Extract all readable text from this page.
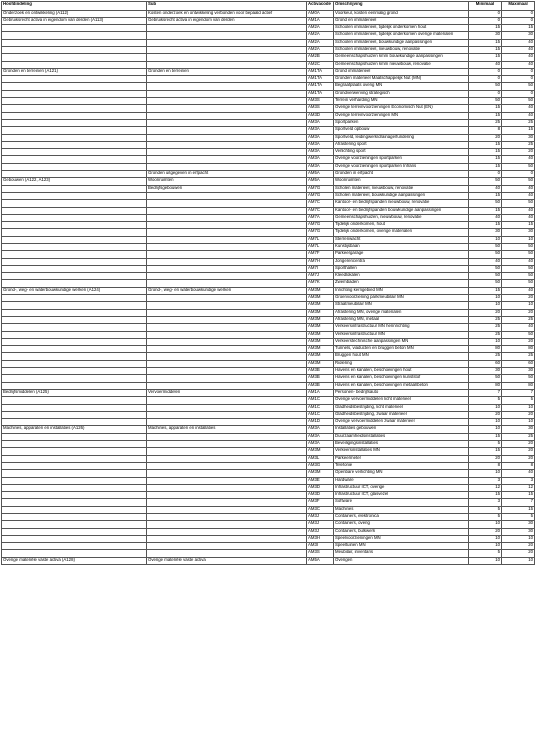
Hoofdindeling	Sub	Activacode	Omschrijving	Minimaal	Maximaal
Onderzoek en ontwikkeling (A112)	Kosten onderzoek en ontwikkeling verbonden voor bepaald actief	AM0A	Voorkeur, kosten eenmalig grond	0	0
Gebruiksrecht activa in eigendom van derden (A113)	Gebruiksrecht activa in eigendom van derden	AM1A	Grond en immaterieel	0	0
		AM2A	Schoolen immaterieel, tijdelijk onderkomen hout	15	15
		AM2A	Schoolen immaterieel, tijdelijk onderkomen overige materialen	30	30
		AM2A	Schoolen immaterieel, bouwkundige aanpassingen	15	40
		AM2A	Schoolen immaterieel, nieuwbouw, renovatie	15	40
		AM2B	Gemeenschapshuizen kmm bouwkundige aanpassingen	15	40
		AM2C	Gemeenschapshuizen kmm nieuwbouw, renovatie	40	40
Gronden en terreinen (A121)	Gronden en terreinen	AM1TA	Grond immaterieel	0	0
		AM1TA	Gronden materieel Maatschappelijk Nut (MN)	0	0
		AM1TA	Begraafplaats overig MN	50	50
		AM1TA	Grondverwerving strategisch	0	0
		AM3S	Terrein verharding MN	50	50
		AM3S	Overige terreinvoorzieningen Economisch Nut (EN)	15	40
		AM3D	Overige terreinvoorzieningen MN	15	40
		AM3A	Sportparken	25	25
		AM3A	Sportveld opbouw	8	15
		AM3A	Sportveld, leidingwerk/drainage/fundering	20	30
		AM3A	Afrastering sport	15	25
		AM3A	Verlichting sport	15	20
		AM3A	Overige voorzieningen sportparken	15	40
		AM3A	Overige voorzieningen sportparken Infrans	15	50
	Gronden uitgegeven in erfpacht	AM5A	Gronden in erfpacht	0	0
Gebouwen (A122, A123)	Woonruimten	AM5A	Woonruimten	50	50
	Bedrijfsgebouwen	AM7G	Scholen materieel, nieuwbouw, renovatie	40	40
		AM7G	Scholen materieel, bouwkundige aanpassingen	15	40
		AM7C	Kantoor- en bedrijfspanden nieuwbouw, renovatie	50	50
		AM7C	Kantoor- en bedrijfspanden bouwkundige aanpassingen	15	40
		AM7A	Gemeenschapshuizen, nieuwbouw, renovatie	40	40
		AM7G	Tijdelijk onderkomen, hout	15	15
		AM7G	Tijdelijk onderkomen, overige materialen	30	30
		AM7L	Sterrenwacht	10	10
		AM7L	Kunstijsbaan	50	50
		AM7F	Parkeergarage	50	50
		AM7H	Jongerencentra	40	40
		AM7I	Sporthallen	50	50
		AM7J	Kleedlokalen	50	50
		AM7K	Zwembaden	50	50
Grond-, weg- en waterbouwkundige werken (A124)	Grond-, weg- en waterbouwkundige werken	AM3M	Inrichting kerngebied MN	15	40
		AM3M	Groenvoorziening parkmeubilair MN	10	20
		AM3M	Straatmeubilair MN	10	10
		AM3M	Afrastering MN, overige materialen	20	20
		AM3M	Afrastering MN, metaal	25	25
		AM3M	Verkeersinfrastructuur MN herinrichting	25	40
		AM3M	Verkeersinfrastructuur MN	25	50
		AM3M	Verkeerstechnische aanpassingen MN	10	20
		AM3M	Tunnels, viaducten en bruggen beton MN	80	80
		AM3M	Bruggen hout MN	25	25
		AM3M	Riolering	60	60
		AM3B	Havens en kanalen, beschoeiingen hout	30	30
		AM3B	Havens en kanalen, beschoeiingen kunststof	50	50
		AM3B	Havens en kanalen, beschoeiingen metaal/beton	80	80
Bedrijfsmiddelen (A125)	Vervoermiddelen	AM1A	Personen- bedrijfsauto	7	7
		AM1C	Overige vervoermiddelen licht materieel	5	5
		AM1C	Gladheidsbestrijding, licht materieel	10	10
		AM1C	Gladheidsbestrijding, zwaar materieel	20	20
		AM1D	Overige vervoermiddelen zwaar materieel	10	10
Machines, apparaten en installaties (A126)	Machines, apparaten en installaties	AM3A	Installaties gebouwen	10	30
		AM3A	Duurzaamheidsinstallaties	15	25
		AM3A	Beveiligingsinstallaties	5	20
		AM3M	Verkeersinstallaties MN	15	20
		AM3L	Parkeermeter	20	20
		AM3G	Telefonie	8	8
		AM3M	Openbare verlichting MN	10	40
		AM3E	Hardware	3	3
		AM3D	Infrastructuur ICT, overige	12	12
		AM3D	Infrastructuur ICT, glasvezel	15	15
		AM3F	Software	3	7
		AM3C	Machines	5	15
		AM3J	Containers, elektronica	5	5
		AM3J	Containers, overig	10	30
		AM3J	Containers, bulkwerk	20	30
		AM3H	Speelvoorzieningen MN	10	10
		AM3I	Speeltuinen MN	10	20
		AM3S	Meubilair, inventaris	5	20
Overige materiële vaste activa (A128)	Overige materiële vaste activa	AM5A	Overigen	10	10
